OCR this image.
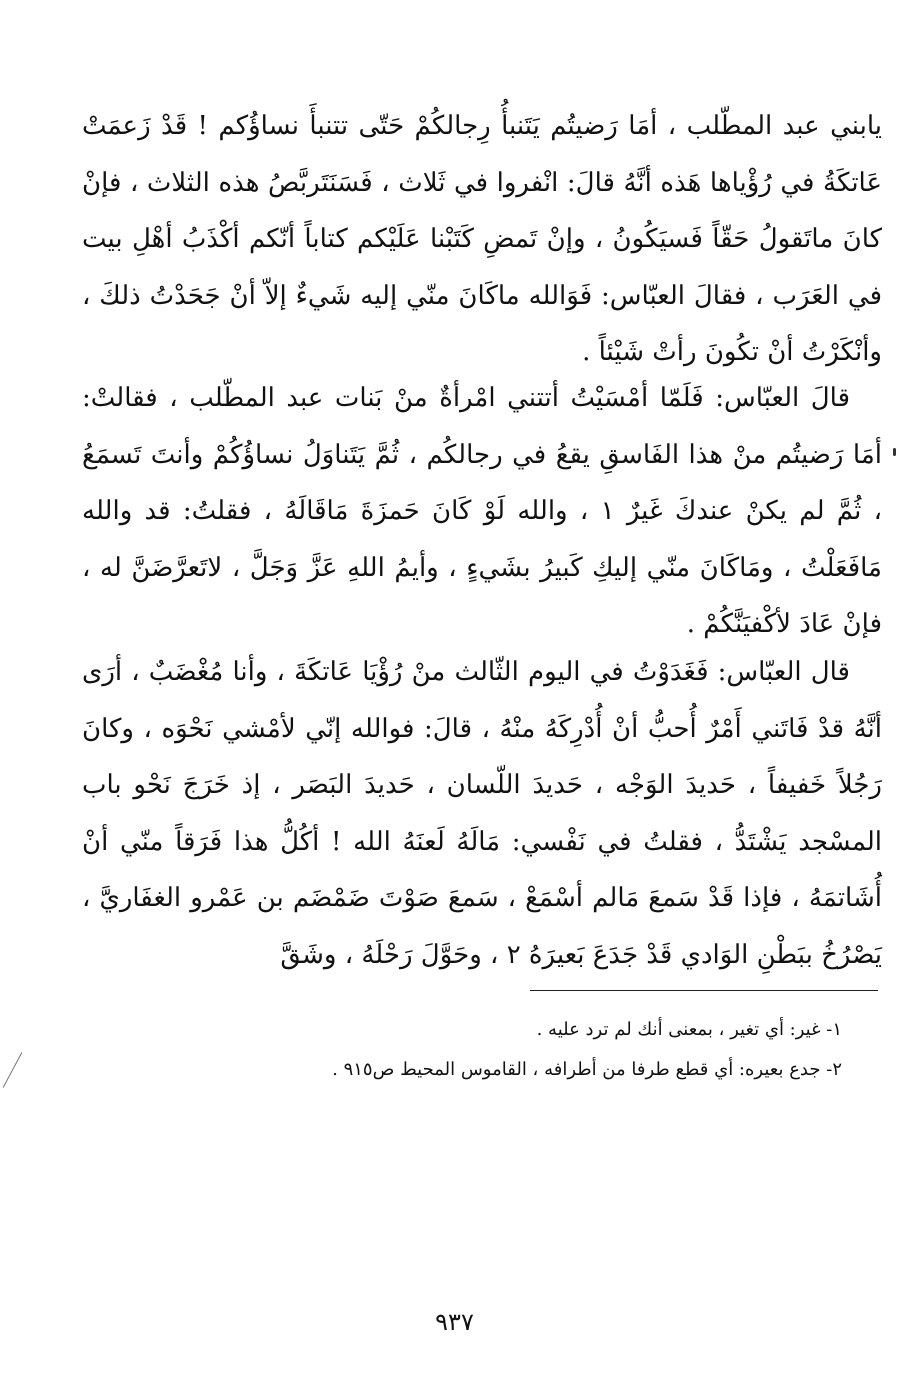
يابني عبد المطّلب ، أمَا رَضيتُم يَتَنبأُ رِجالكُمْ حَتّى تتنبأَ نساؤُكم ! قَدْ زَعمَتْ عَاتكَةُ في رُؤْياها هَذه أنَّهُ قالَ: انْفروا في ثَلاث ، فَسَنَتَربَّصُ هذه الثلاث ، فإنْ كانَ ماتَقولُ حَقّاً فَسيَكُونُ ، وإنْ تَمضِ كَتَبْنا عَلَيْكم كتاباً أنّكم أكْذَبُ أهْلِ بيت في العَرَب ، فقالَ العبّاس: فَوَالله ماكَانَ منّي إليه شَيءٌ إلاّ أنْ جَحَدْتُ ذلكَ ، وأنْكَرْتُ أنْ تكُونَ رأتْ شَيْئاً .

قالَ العبّاس: فَلَمّا أمْسَيْتُ أتتني امْرأةٌ منْ بَنات عبد المطّلب ، فقالتْ: أمَا رَضيتُم منْ هذا الفَاسقِ يقعُ في رجالكُم ، ثُمَّ يَتَناوَلُ نساؤُكُمْ وأنتَ تَسمَعُ ، ثُمَّ لم يكنْ عندكَ غَيرٌ ١ ، والله لَوْ كَانَ حَمزَةَ مَاقَالَهُ ، فقلتُ: قد والله مَافَعَلْتُ ، ومَاكَانَ منّي إليكِ كَبيرُ بشَيءٍ ، وأيمُ اللهِ عَزَّ وَجَلَّ ، لاتَعرَّضَنَّ له ، فإنْ عَادَ لأكْفيَنَّكُمْ .

قال العبّاس: فَغَدَوْتُ في اليوم الثّالث منْ رُؤْيَا عَاتكَةَ ، وأنا مُغْضَبٌ ، أرَى أنَّهُ قدْ فَاتَني أَمْرٌ أُحبُّ أنْ أُدْرِكَهُ منْهُ ، قالَ: فوالله إنّي لأمْشي نَحْوَه ، وكانَ رَجُلاً خَفيفاً ، حَديدَ الوَجْه ، حَديدَ اللّسان ، حَديدَ البَصَر ، إذ خَرَجَ نَحْو باب المسْجد يَشْتَدُّ ، فقلتُ في نَفْسي: مَالَهُ لَعنَهُ الله ! أكُلُّ هذا فَرَقاً منّي أنْ أُشَاتمَهُ ، فإذا قَدْ سَمعَ مَالم أسْمَعْ ، سَمعَ صَوْتَ ضَمْضَم بن عَمْرو الغفَاريَّ ، يَصْرُخُ ببَطْنِ الوَادي قَدْ جَدَعَ بَعيرَهُ ٢ ، وحَوَّلَ رَحْلَهُ ، وشَقَّ

١- غير: أي تغير ، بمعنى أنك لم ترد عليه .

٢- جدع بعيره: أي قطع طرفا من أطرافه ، القاموس المحيط ص٩١٥ .

٩٣٧
